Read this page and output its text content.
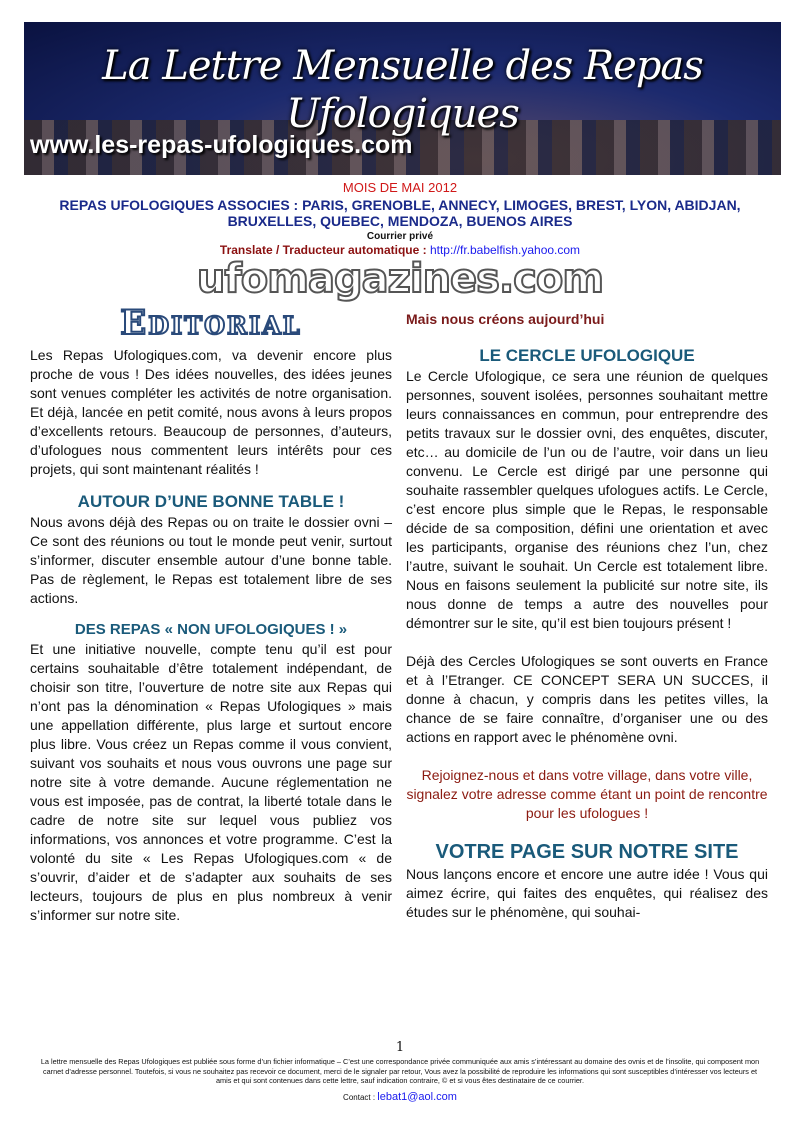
La Lettre Mensuelle des Repas Ufologiques
www.les-repas-ufologiques.com
MOIS DE MAI 2012
REPAS UFOLOGIQUES ASSOCIES : PARIS, GRENOBLE, ANNECY, LIMOGES, BREST, LYON, ABIDJAN, BRUXELLES, QUEBEC, MENDOZA, BUENOS AIRES
Courrier privé
Translate / Traducteur automatique : http://fr.babelfish.yahoo.com
ufomagazines.com
Editorial

Les Repas Ufologiques.com, va devenir encore plus proche de vous ! Des idées nouvelles, des idées jeunes sont venues compléter les activités de notre organisation. Et déjà, lancée en petit comité, nous avons à leurs propos d’excellents retours. Beaucoup de personnes, d’auteurs, d’ufologues nous commentent leurs intérêts pour ces projets, qui sont maintenant réalités !

AUTOUR D’UNE BONNE TABLE !

Nous avons déjà des Repas ou on traite le dossier ovni – Ce sont des réunions ou tout le monde peut venir, surtout s’informer, discuter ensemble autour d’une bonne table. Pas de règlement, le Repas est totalement libre de ses actions.

DES REPAS « NON UFOLOGIQUES ! »

Et une initiative nouvelle, compte tenu qu’il est pour certains souhaitable d’être totalement indépendant, de choisir son titre, l’ouverture de notre site aux Repas qui n’ont pas la dénomination « Repas Ufologiques » mais une appellation différente, plus large et surtout encore plus libre. Vous créez un Repas comme il vous convient, suivant vos souhaits et nous vous ouvrons une page sur notre site à votre demande. Aucune réglementation ne vous est imposée, pas de contrat, la liberté totale dans le cadre de notre site sur lequel vous publiez vos informations, vos annonces et votre programme. C’est la volonté du site « Les Repas Ufologiques.com « de s’ouvrir, d’aider et de s’adapter aux souhaits de ses lecteurs, toujours de plus en plus nombreux à venir s’informer sur notre site.

Mais nous créons aujourd’hui

LE CERCLE UFOLOGIQUE

Le Cercle Ufologique, ce sera une réunion de quelques personnes, souvent isolées, personnes souhaitant mettre leurs connaissances en commun, pour entreprendre des petits travaux sur le dossier ovni, des enquêtes, discuter, etc… au domicile de l’un ou de l’autre, voir dans un lieu convenu. Le Cercle est dirigé par une personne qui souhaite rassembler quelques ufologues actifs. Le Cercle, c’est encore plus simple que le Repas, le responsable décide de sa composition, défini une orientation et avec les participants, organise des réunions chez l’un, chez l’autre, suivant le souhait. Un Cercle est totalement libre. Nous en faisons seulement la publicité sur notre site, ils nous donne de temps a autre des nouvelles pour démontrer sur le site, qu’il est bien toujours présent !

Déjà des Cercles Ufologiques se sont ouverts en France et à l’Etranger. CE CONCEPT SERA UN SUCCES, il donne à chacun, y compris dans les petites villes, la chance de se faire connaître, d’organiser une ou des actions en rapport avec le phénomène ovni.

Rejoignez-nous et dans votre village, dans votre ville, signalez votre adresse comme étant un point de rencontre pour les ufologues !

VOTRE PAGE SUR NOTRE SITE

Nous lançons encore et encore une autre idée ! Vous qui aimez écrire, qui faites des enquêtes, qui réalisez des études sur le phénomène, qui souhai-

1
La lettre mensuelle des Repas Ufologiques est publiée sous forme d’un fichier informatique – C’est une correspondance privée communiquée aux amis s’intéressant au domaine des ovnis et de l’insolite, qui composent mon carnet d’adresse personnel. Toutefois, si vous ne souhaitez pas recevoir ce document, merci de le signaler par retour, Vous avez la possibilité de reproduire les informations qui sont susceptibles d’intéresser vos lecteurs et amis et qui sont contenues dans cette lettre, sauf indication contraire, © et si vous êtes destinataire de ce courrier.
Contact : lebat1@aol.com
